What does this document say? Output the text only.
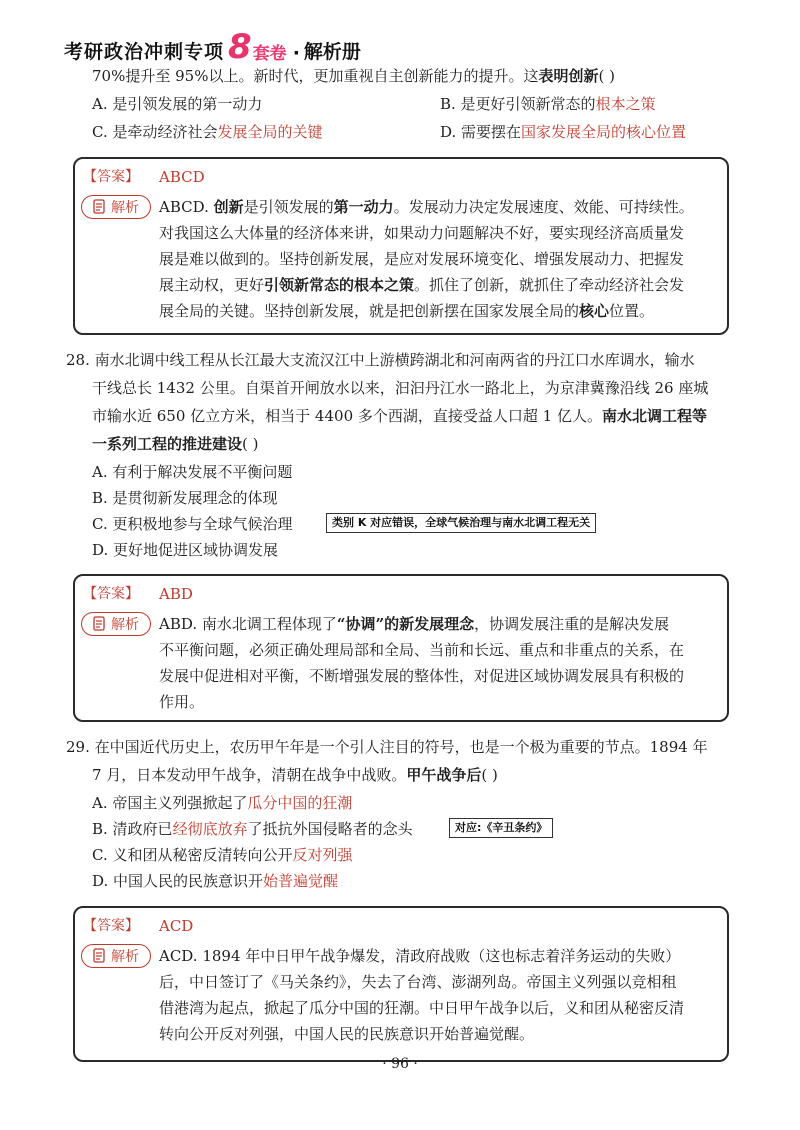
考研政治冲刺专项 8 套卷 · 解析册
70%提升至 95%以上。新时代，更加重视自主创新能力的提升。这表明创新( )
A. 是引领发展的第一动力	B. 是更好引领新常态的根本之策
C. 是牵动经济社会发展全局的关键	D. 需要摆在国家发展全局的核心位置
【答案】 ABCD
解析 ABCD. 创新是引领发展的第一动力。发展动力决定发展速度、效能、可持续性。
对我国这么大体量的经济体来讲，如果动力问题解决不好，要实现经济高质量发
展是难以做到的。坚持创新发展，是应对发展环境变化、增强发展动力、把握发
展主动权，更好引领新常态的根本之策。抓住了创新，就抓住了牵动经济社会发
展全局的关键。坚持创新发展，就是把创新摆在国家发展全局的核心位置。
28. 南水北调中线工程从长江最大支流汉江中上游横跨湖北和河南两省的丹江口水库调水，输水
干线总长 1432 公里。自渠首开闸放水以来，汩汩丹江水一路北上，为京津冀豫沿线 26 座城
市输水近 650 亿立方米，相当于 4400 多个西湖，直接受益人口超 1 亿人。南水北调工程等
一系列工程的推进建设( )
A. 有利于解决发展不平衡问题
B. 是贯彻新发展理念的体现
C. 更积极地参与全球气候治理	类别 K 对应错误，全球气候治理与南水北调工程无关
D. 更好地促进区域协调发展
【答案】 ABD
解析 ABD. 南水北调工程体现了“协调”的新发展理念，协调发展注重的是解决发展
不平衡问题，必须正确处理局部和全局、当前和长远、重点和非重点的关系，在
发展中促进相对平衡，不断增强发展的整体性，对促进区域协调发展具有积极的
作用。
29. 在中国近代历史上，农历甲午年是一个引人注目的符号，也是一个极为重要的节点。1894 年
7 月，日本发动甲午战争，清朝在战争中战败。甲午战争后( )
A. 帝国主义列强掀起了瓜分中国的狂潮
B. 清政府已经彻底放弃了抵抗外国侵略者的念头	对应:《辛丑条约》
C. 义和团从秘密反清转向公开反对列强
D. 中国人民的民族意识开始普遍觉醒
【答案】 ACD
解析 ACD. 1894 年中日甲午战争爆发，清政府战败（这也标志着洋务运动的失败）
后，中日签订了《马关条约》，失去了台湾、澎湖列岛。帝国主义列强以竞相租
借港湾为起点，掀起了瓜分中国的狂潮。中日甲午战争以后，义和团从秘密反清
转向公开反对列强，中国人民的民族意识开始普遍觉醒。
· 96 ·
